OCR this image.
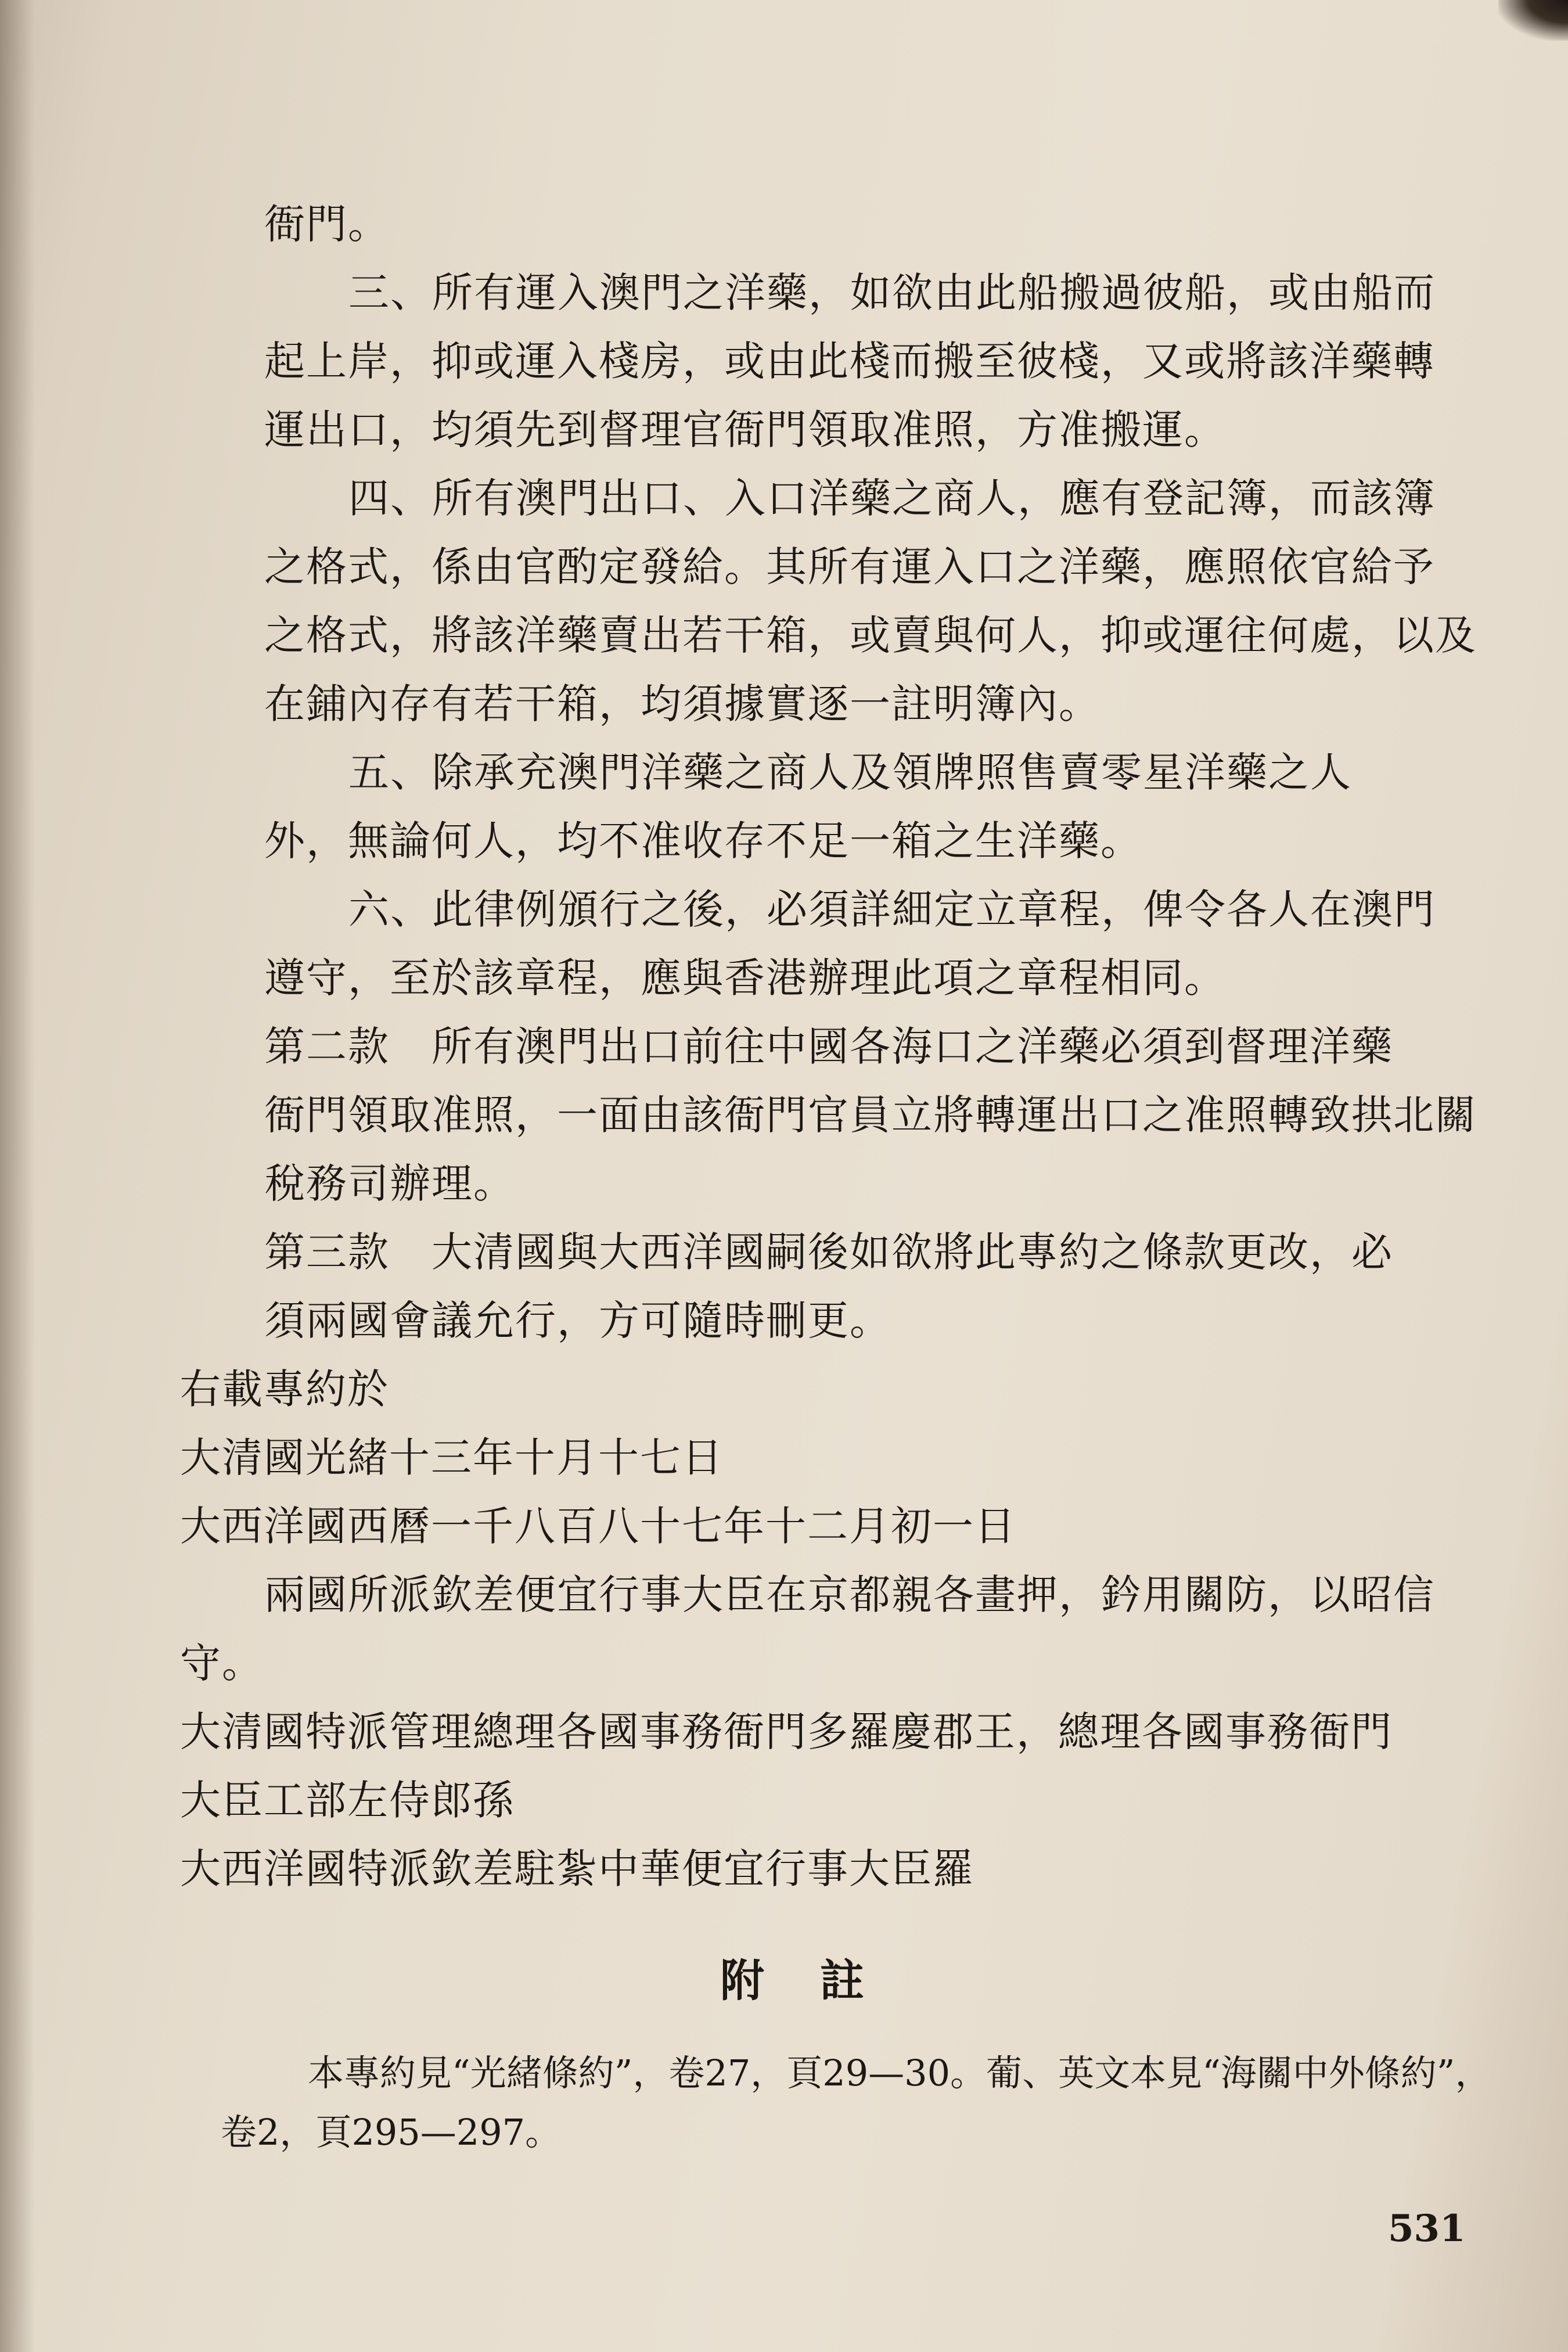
衙門。
三、所有運入澳門之洋藥，如欲由此船搬過彼船，或由船而
起上岸，抑或運入棧房，或由此棧而搬至彼棧，又或將該洋藥轉
運出口，均須先到督理官衙門領取准照，方准搬運。
四、所有澳門出口、入口洋藥之商人，應有登記簿，而該簿
之格式，係由官酌定發給。其所有運入口之洋藥，應照依官給予
之格式，將該洋藥賣出若干箱，或賣與何人，抑或運往何處，以及
在鋪內存有若干箱，均須據實逐一註明簿內。
五、除承充澳門洋藥之商人及領牌照售賣零星洋藥之人
外，無論何人，均不准收存不足一箱之生洋藥。
六、此律例頒行之後，必須詳細定立章程，俾令各人在澳門
遵守，至於該章程，應與香港辦理此項之章程相同。
第二款　所有澳門出口前往中國各海口之洋藥必須到督理洋藥
衙門領取准照，一面由該衙門官員立將轉運出口之准照轉致拱北關
稅務司辦理。
第三款　大清國與大西洋國嗣後如欲將此專約之條款更改，必
須兩國會議允行，方可隨時刪更。
右載專約於
大清國光緒十三年十月十七日
大西洋國西曆一千八百八十七年十二月初一日
兩國所派欽差便宜行事大臣在京都親各畫押，鈐用關防，以昭信
守。
大清國特派管理總理各國事務衙門多羅慶郡王，總理各國事務衙門
大臣工部左侍郎孫
大西洋國特派欽差駐紮中華便宜行事大臣羅
附註
本專約見“光緒條約”，卷27，頁29—30。葡、英文本見“海關中外條約”，
卷2，頁295—297。
531
